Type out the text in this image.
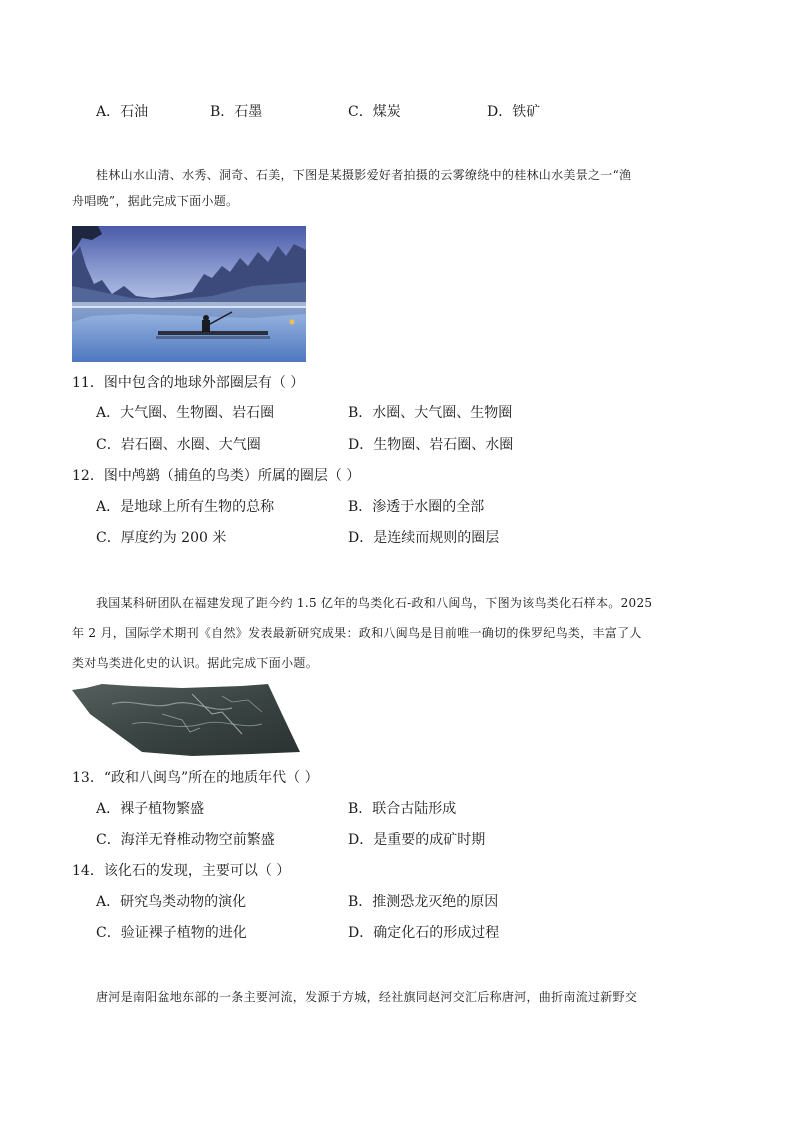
A．石油	B．石墨	C．煤炭	D．铁矿
桂林山水山清、水秀、洞奇、石美，下图是某摄影爱好者拍摄的云雾缭绕中的桂林山水美景之一“渔
舟唱晚”，据此完成下面小题。
11．图中包含的地球外部圈层有（ ）
A．大气圈、生物圈、岩石圈	B．水圈、大气圈、生物圈
C．岩石圈、水圈、大气圈	D．生物圈、岩石圈、水圈
12．图中鸬鹚（捕鱼的鸟类）所属的圈层（ ）
A．是地球上所有生物的总称	B．渗透于水圈的全部
C．厚度约为 200 米	D．是连续而规则的圈层
我国某科研团队在福建发现了距今约 1.5 亿年的鸟类化石-政和八闽鸟，下图为该鸟类化石样本。2025
年 2 月，国际学术期刊《自然》发表最新研究成果：政和八闽鸟是目前唯一确切的侏罗纪鸟类，丰富了人
类对鸟类进化史的认识。据此完成下面小题。
13．“政和八闽鸟”所在的地质年代（ ）
A．裸子植物繁盛	B．联合古陆形成
C．海洋无脊椎动物空前繁盛	D．是重要的成矿时期
14．该化石的发现，主要可以（ ）
A．研究鸟类动物的演化	B．推测恐龙灭绝的原因
C．验证裸子植物的进化	D．确定化石的形成过程
唐河是南阳盆地东部的一条主要河流，发源于方城，经社旗同赵河交汇后称唐河，曲折南流过新野交
